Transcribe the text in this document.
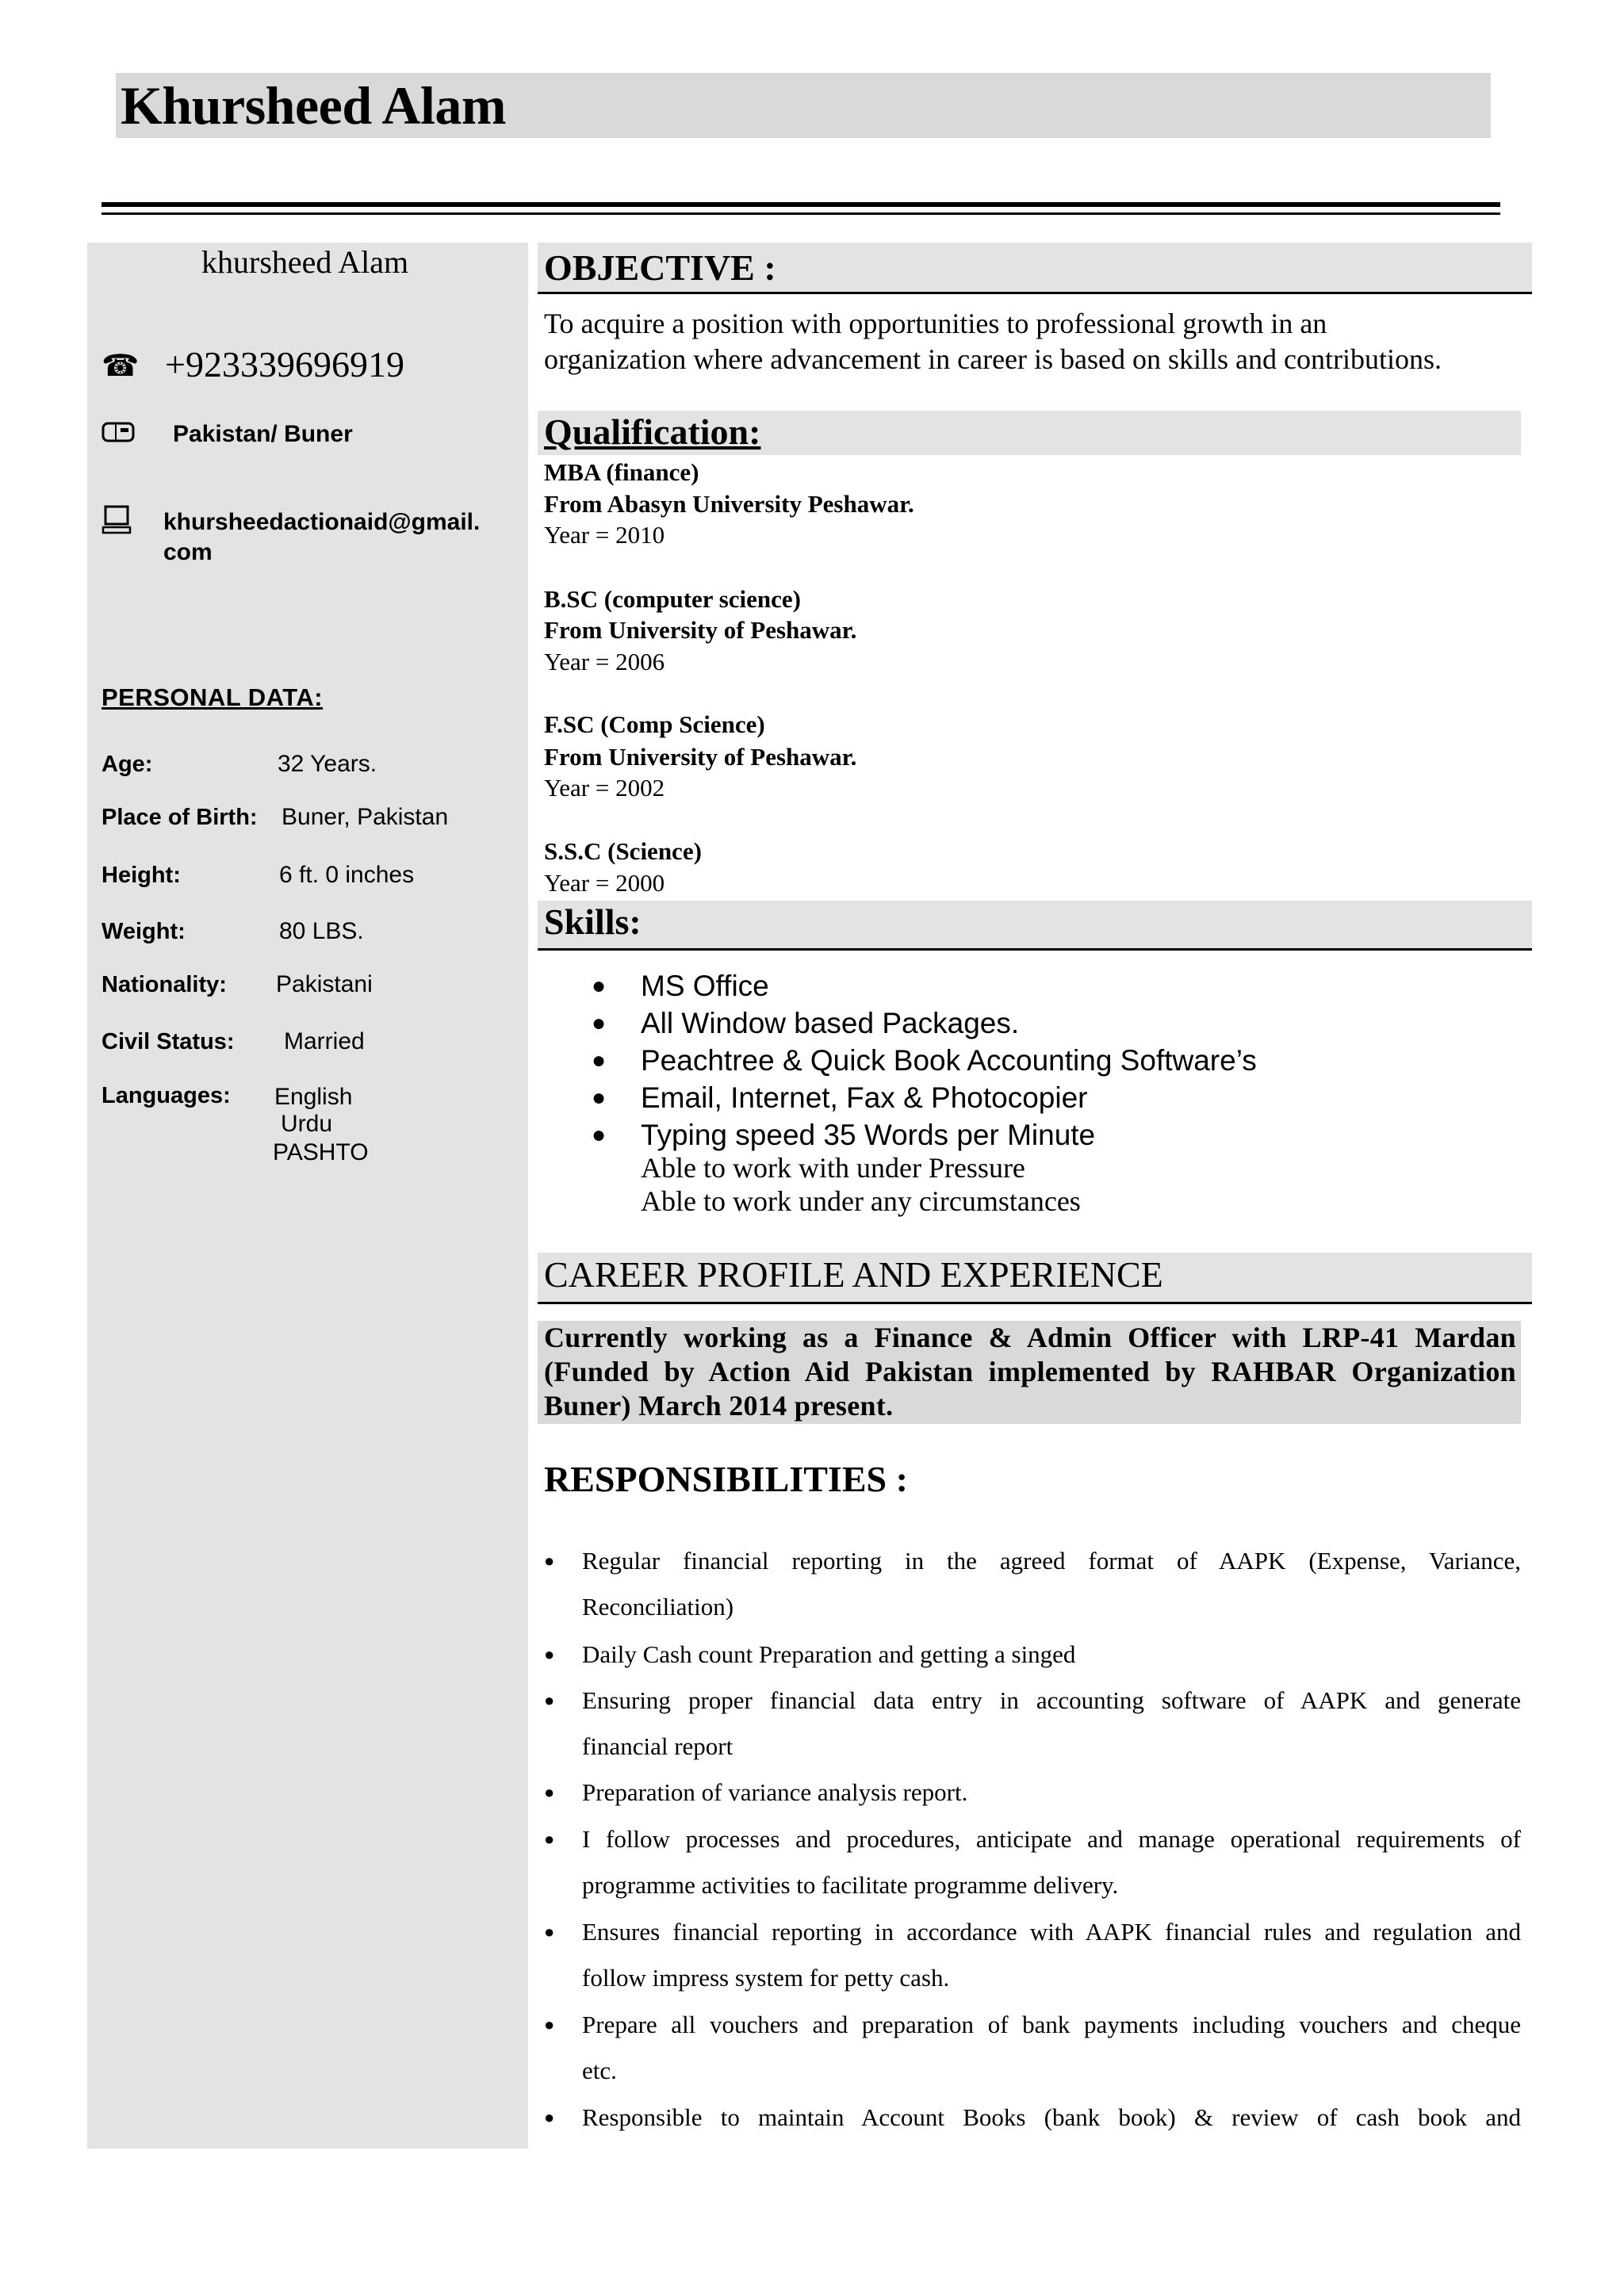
Khursheed Alam
khursheed Alam
☎ +923339696919
Pakistan/ Buner
khursheedactionaid@gmail.
com
PERSONAL DATA:
Age:	32 Years.
Place of Birth: Buner, Pakistan
Height:	6 ft. 0 inches
Weight:	80 LBS.
Nationality: Pakistani
Civil Status: Married
Languages: English
Urdu
PASHTO
OBJECTIVE :
To acquire a position with opportunities to professional growth in an
organization where advancement in career is based on skills and contributions.
Qualification:
MBA (finance)
From Abasyn University Peshawar.
Year = 2010
B.SC (computer science)
From University of Peshawar.
Year = 2006
F.SC (Comp Science)
From University of Peshawar.
Year = 2002
S.S.C (Science)
Year = 2000
Skills:
● MS Office
● All Window based Packages.
● Peachtree & Quick Book Accounting Software’s
● Email, Internet, Fax & Photocopier
● Typing speed 35 Words per Minute
Able to work with under Pressure
Able to work under any circumstances
CAREER PROFILE AND EXPERIENCE
Currently working as a Finance & Admin Officer with LRP-41 Mardan
(Funded by Action Aid Pakistan implemented by RAHBAR Organization
Buner) March 2014 present.
RESPONSIBILITIES :
● Regular financial reporting in the agreed format of AAPK (Expense, Variance,
Reconciliation)
● Daily Cash count Preparation and getting a singed
● Ensuring proper financial data entry in accounting software of AAPK and generate
financial report
● Preparation of variance analysis report.
● I follow processes and procedures, anticipate and manage operational requirements of
programme activities to facilitate programme delivery.
● Ensures financial reporting in accordance with AAPK financial rules and regulation and
follow impress system for petty cash.
● Prepare all vouchers and preparation of bank payments including vouchers and cheque
etc.
● Responsible to maintain Account Books (bank book) & review of cash book and
